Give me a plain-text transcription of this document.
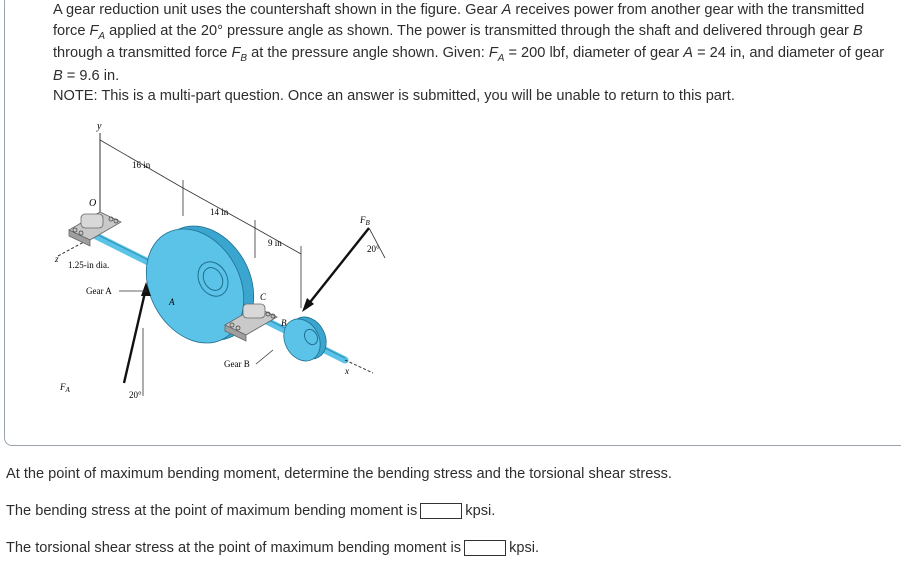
A gear reduction unit uses the countershaft shown in the figure. Gear A receives power from another gear with the transmitted force $F_A$ applied at the 20° pressure angle as shown. The power is transmitted through the shaft and delivered through gear B through a transmitted force $F_B$ at the pressure angle shown. Given: $F_A = 200$ lbf, diameter of gear A = 24 in, and diameter of gear B = 9.6 in.

NOTE: This is a multi-part question. Once an answer is submitted, you will be unable to return to this part.

y
O
z
16 in
14 in
9 in
x
A	C
B
$F_A$	20°
$F_B$
20°
1.25-in dia.
Gear A
Gear B
At the point of maximum bending moment, determine the bending stress and the torsional shear stress.
The bending stress at the point of maximum bending moment is	kpsi.
The torsional shear stress at the point of maximum bending moment is	kpsi.
